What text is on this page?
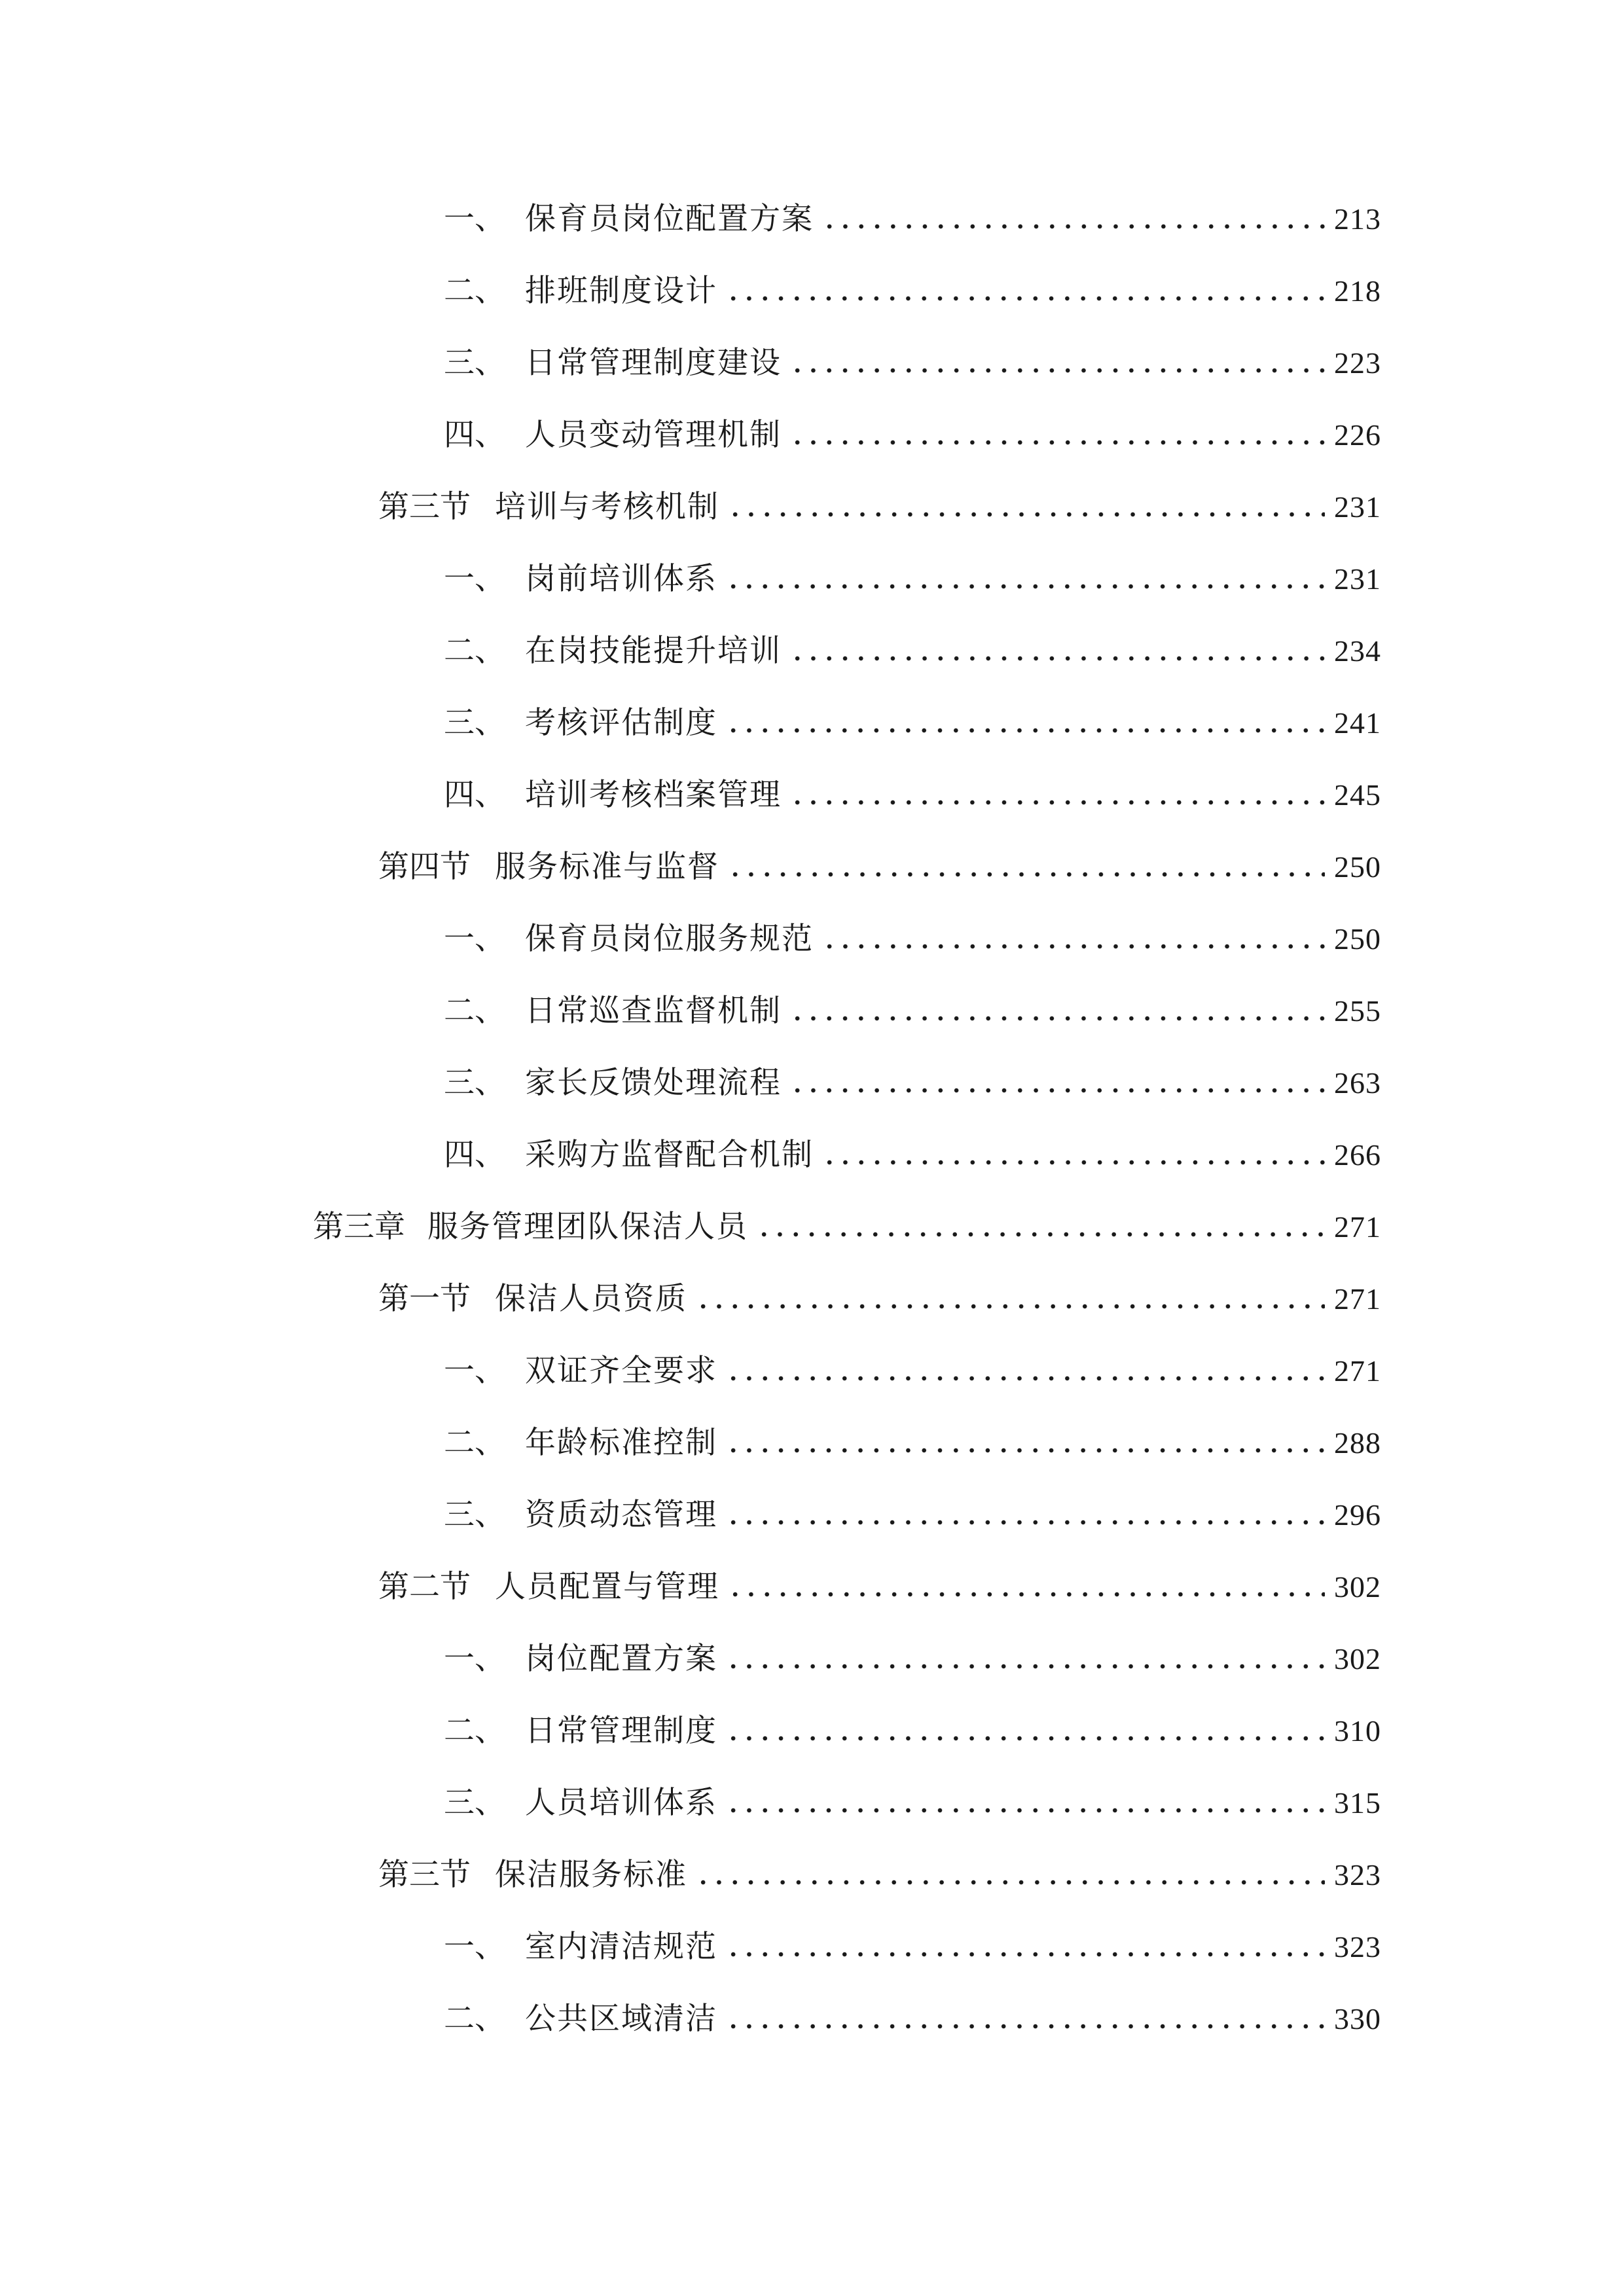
一、 保育员岗位配置方案	213
二、 排班制度设计	218
三、 日常管理制度建设	223
四、 人员变动管理机制	226
第三节 培训与考核机制	231
一、 岗前培训体系	231
二、 在岗技能提升培训	234
三、 考核评估制度	241
四、 培训考核档案管理	245
第四节 服务标准与监督	250
一、 保育员岗位服务规范	250
二、 日常巡查监督机制	255
三、 家长反馈处理流程	263
四、 采购方监督配合机制	266
第三章 服务管理团队保洁人员	271
第一节 保洁人员资质	271
一、 双证齐全要求	271
二、 年龄标准控制	288
三、 资质动态管理	296
第二节 人员配置与管理	302
一、 岗位配置方案	302
二、 日常管理制度	310
三、 人员培训体系	315
第三节 保洁服务标准	323
一、 室内清洁规范	323
二、 公共区域清洁	330
